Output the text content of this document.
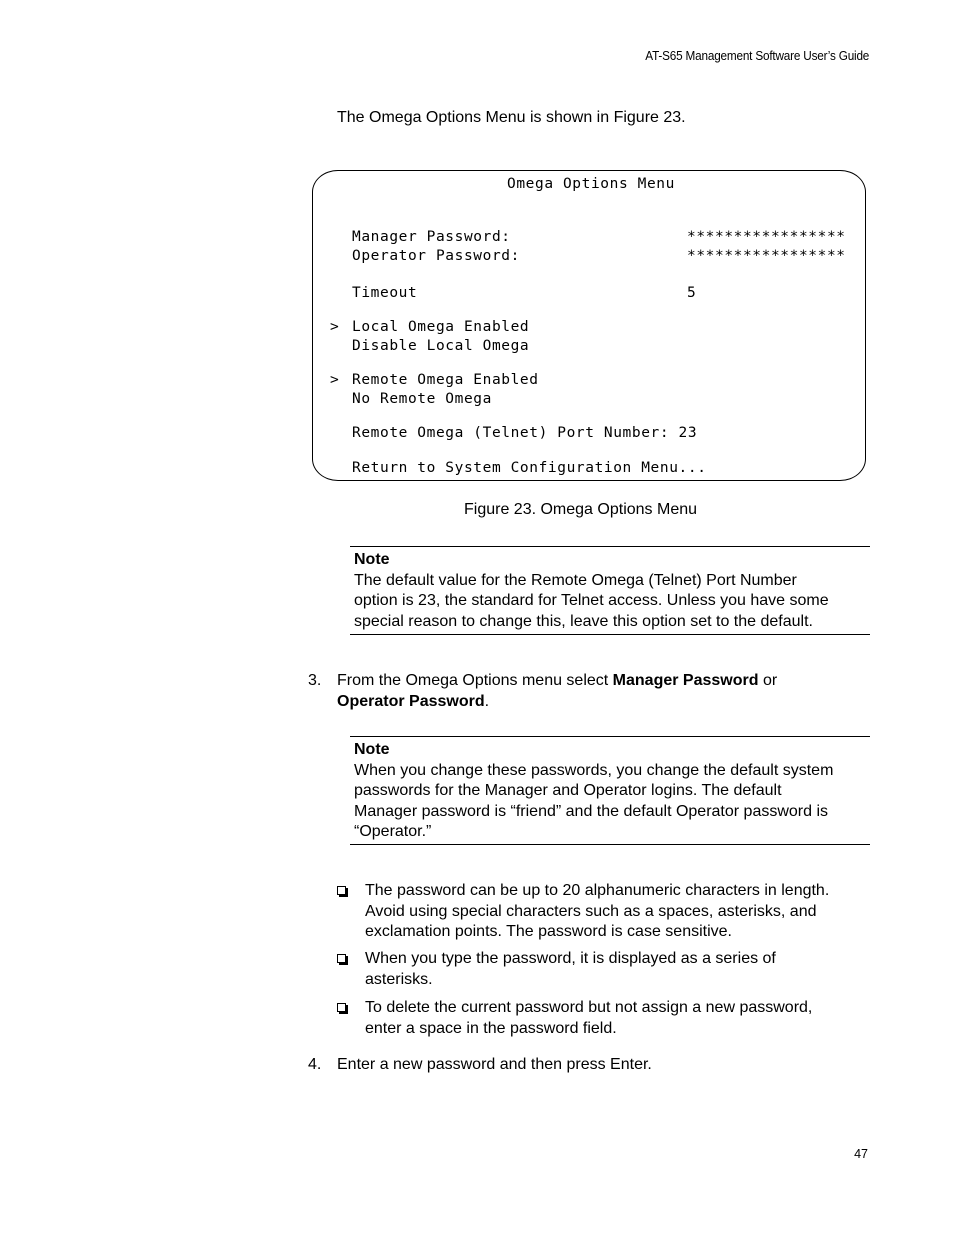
AT-S65 Management Software User’s Guide
The Omega Options Menu is shown in Figure 23.
Omega Options Menu
Manager Password:	*****************
Operator Password:	*****************
Timeout	5
> Local Omega Enabled
Disable Local Omega
> Remote Omega Enabled
No Remote Omega
Remote Omega (Telnet) Port Number: 23
Return to System Configuration Menu...
Figure 23. Omega Options Menu
Note
The default value for the Remote Omega (Telnet) Port Number
option is 23, the standard for Telnet access. Unless you have some
special reason to change this, leave this option set to the default.
3. From the Omega Options menu select Manager Password or
Operator Password.
Note
When you change these passwords, you change the default system
passwords for the Manager and Operator logins. The default
Manager password is “friend” and the default Operator password is
“Operator.”
The password can be up to 20 alphanumeric characters in length.
Avoid using special characters such as a spaces, asterisks, and
exclamation points. The password is case sensitive.
When you type the password, it is displayed as a series of
asterisks.
To delete the current password but not assign a new password,
enter a space in the password field.
4. Enter a new password and then press Enter.
47
